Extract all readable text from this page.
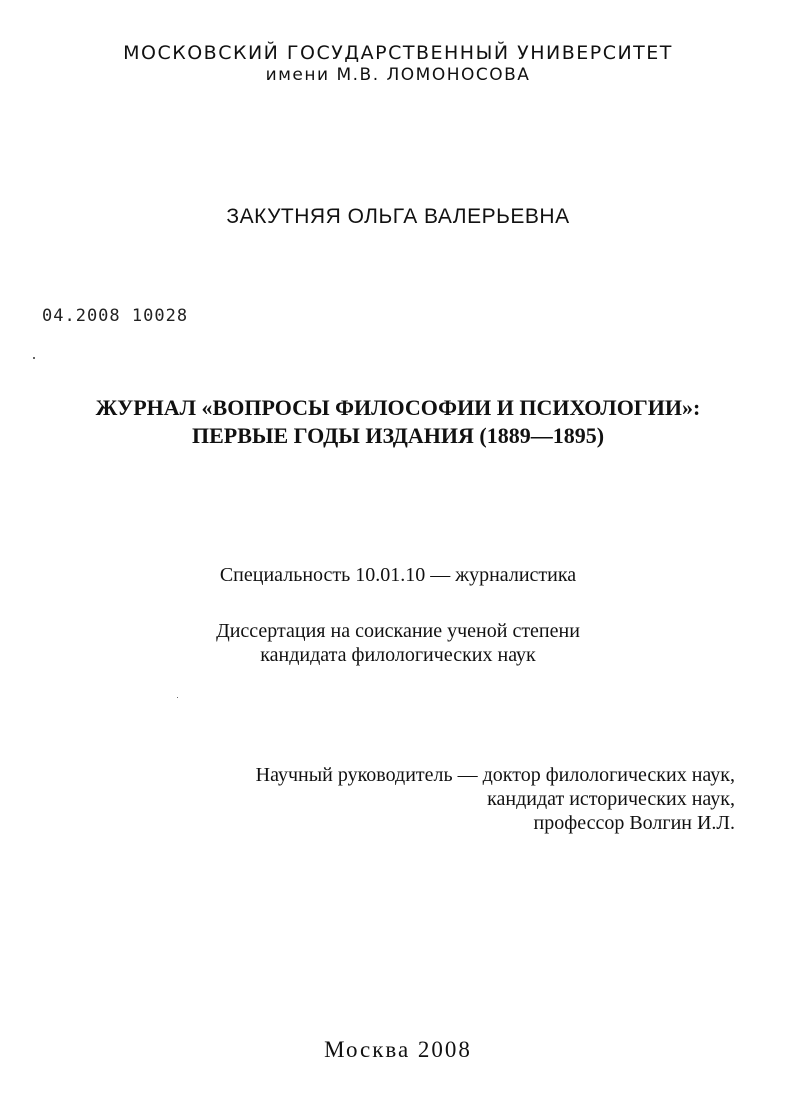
МОСКОВСКИЙ ГОСУДАРСТВЕННЫЙ УНИВЕРСИТЕТ
имени М.В. ЛОМОНОСОВА
ЗАКУТНЯЯ ОЛЬГА ВАЛЕРЬЕВНА
04.2008 10028
ЖУРНАЛ «ВОПРОСЫ ФИЛОСОФИИ И ПСИХОЛОГИИ»:
ПЕРВЫЕ ГОДЫ ИЗДАНИЯ (1889—1895)
Специальность 10.01.10 — журналистика
Диссертация на соискание ученой степени
кандидата филологических наук
Научный руководитель — доктор филологических наук,
кандидат исторических наук,
профессор Волгин И.Л.
Москва 2008
